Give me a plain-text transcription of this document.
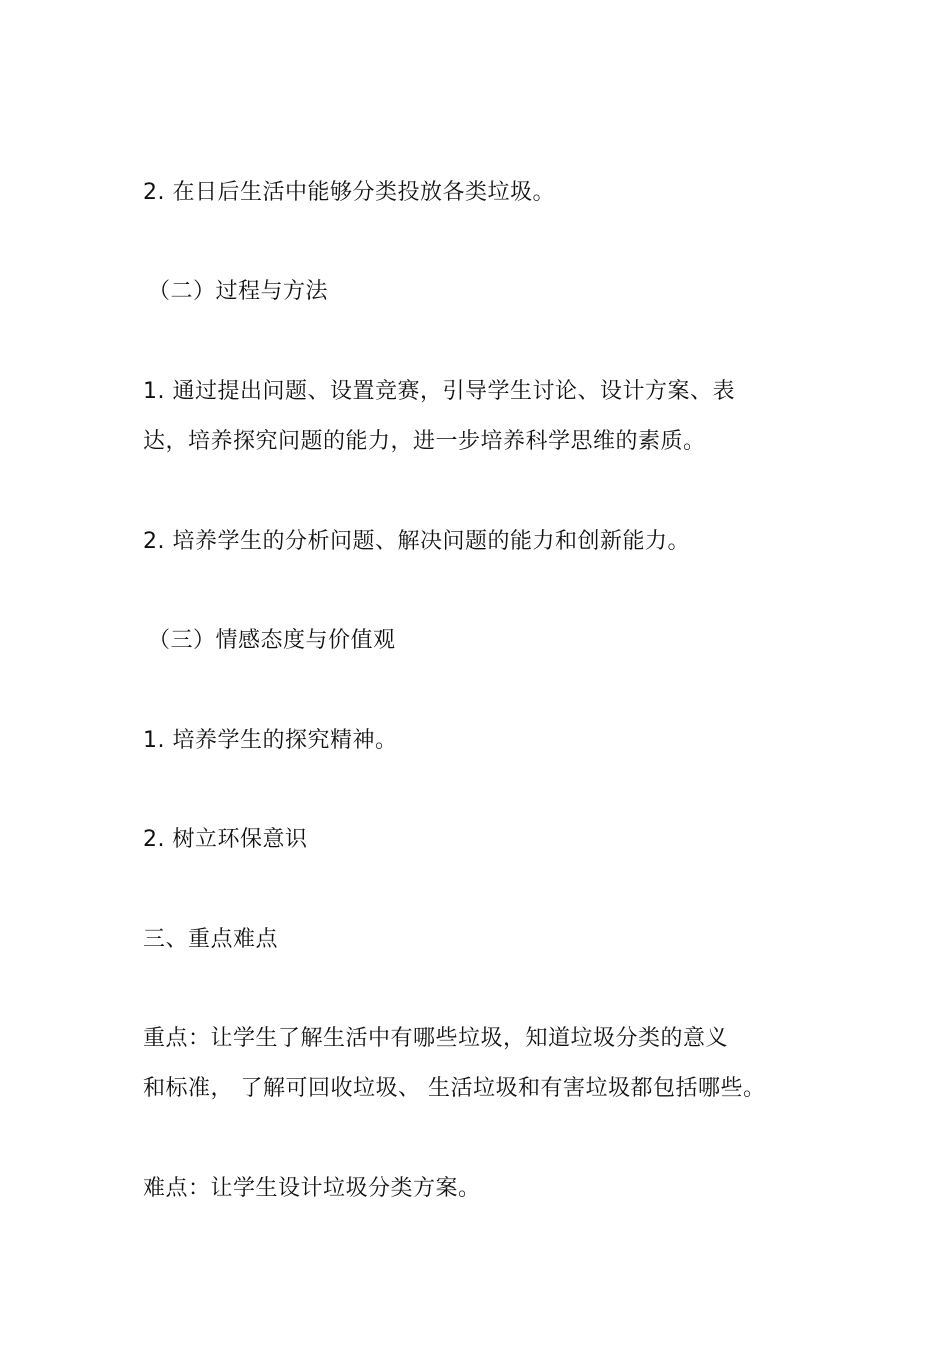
2. 在日后生活中能够分类投放各类垃圾。
（二）过程与方法
1. 通过提出问题、设置竞赛，引导学生讨论、设计方案、表
达，培养探究问题的能力，进一步培养科学思维的素质。
2. 培养学生的分析问题、解决问题的能力和创新能力。
（三）情感态度与价值观
1. 培养学生的探究精神。
2. 树立环保意识
三、重点难点
重点：让学生了解生活中有哪些垃圾，知道垃圾分类的意义
和标准， 了解可回收垃圾、 生活垃圾和有害垃圾都包括哪些。
难点：让学生设计垃圾分类方案。
